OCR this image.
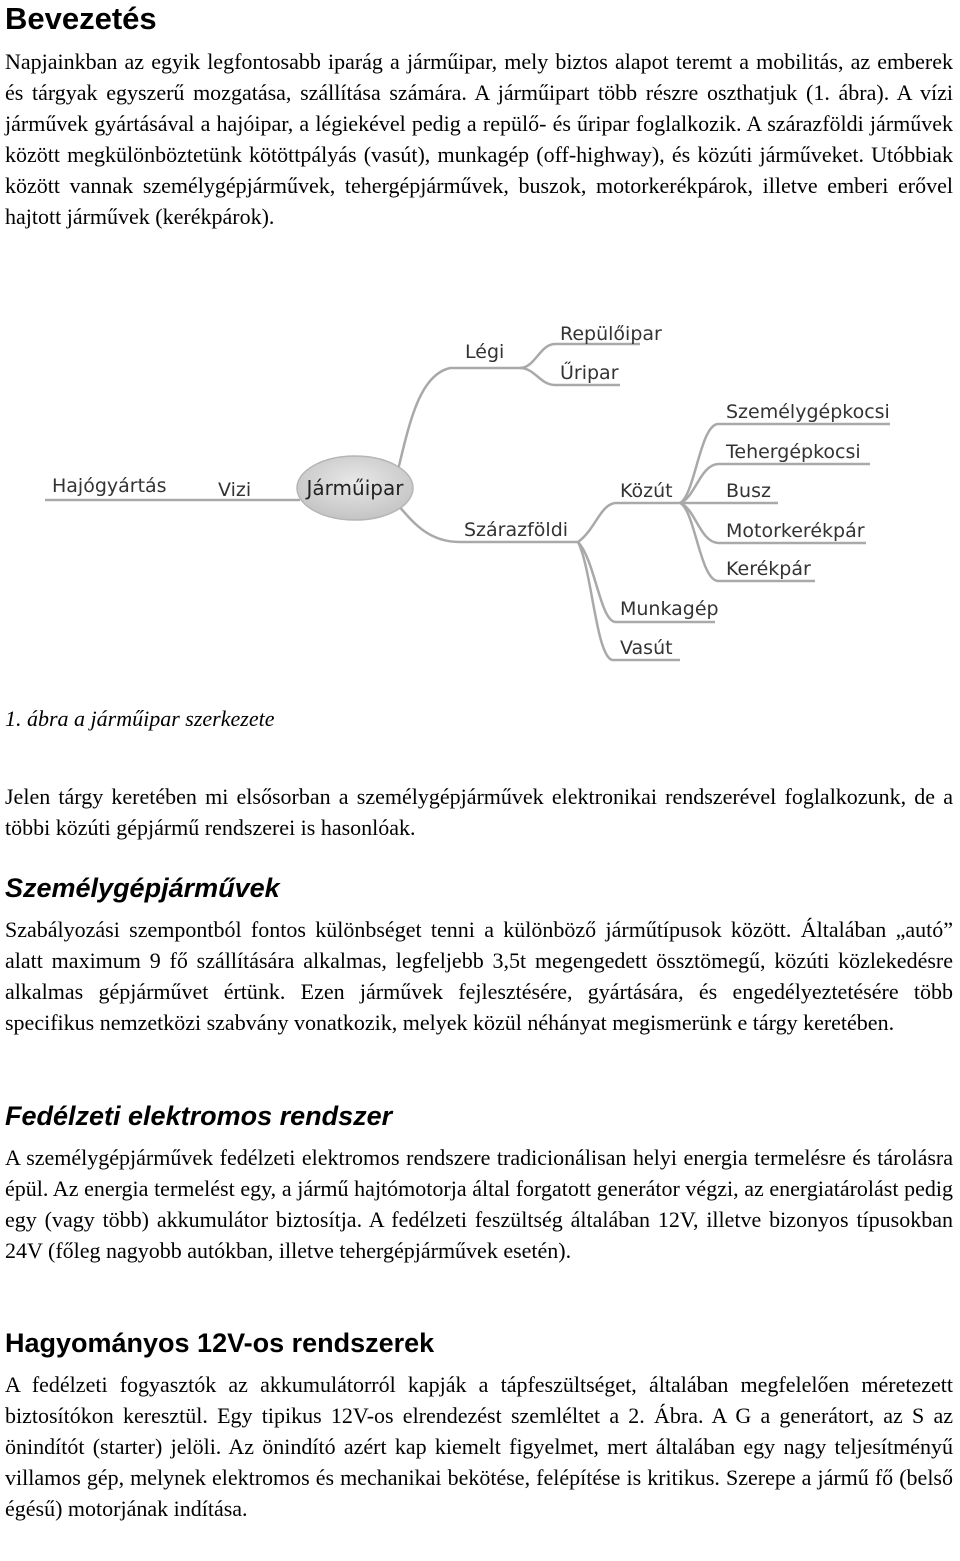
Bevezetés

Napjainkban az egyik legfontosabb iparág a járműipar, mely biztos alapot teremt a mobilitás, az emberek és tárgyak egyszerű mozgatása, szállítása számára. A járműipart több részre oszthatjuk (1. ábra). A vízi járművek gyártásával a hajóipar, a légiekével pedig a repülő- és űripar foglalkozik. A szárazföldi járművek között megkülönböztetünk kötöttpályás (vasút), munkagép (off-highway), és közúti járműveket. Utóbbiak között vannak személygépjárművek, tehergépjárművek, buszok, motorkerékpárok, illetve emberi erővel hajtott járművek (kerékpárok).

Járműipar
Hajógyártás	Vizi
Légi
Repülőipar
Űripar
Szárazföldi
Közút
Személygépkocsi
Tehergépkocsi
Busz
Motorkerékpár
Kerékpár
Munkagép
Vasút

1. ábra a járműipar szerkezete

Jelen tárgy keretében mi elsősorban a személygépjárművek elektronikai rendszerével foglalkozunk, de a többi közúti gépjármű rendszerei is hasonlóak.

Személygépjárművek

Szabályozási szempontból fontos különbséget tenni a különböző járműtípusok között. Általában „autó” alatt maximum 9 fő szállítására alkalmas, legfeljebb 3,5t megengedett össztömegű, közúti közlekedésre alkalmas gépjárművet értünk. Ezen járművek fejlesztésére, gyártására, és engedélyeztetésére több specifikus nemzetközi szabvány vonatkozik, melyek közül néhányat megismerünk e tárgy keretében.

Fedélzeti elektromos rendszer

A személygépjárművek fedélzeti elektromos rendszere tradicionálisan helyi energia termelésre és tárolásra épül. Az energia termelést egy, a jármű hajtómotorja által forgatott generátor végzi, az energiatárolást pedig egy (vagy több) akkumulátor biztosítja. A fedélzeti feszültség általában 12V, illetve bizonyos típusokban 24V (főleg nagyobb autókban, illetve tehergépjárművek esetén).

Hagyományos 12V-os rendszerek

A fedélzeti fogyasztók az akkumulátorról kapják a tápfeszültséget, általában megfelelően méretezett biztosítókon keresztül. Egy tipikus 12V-os elrendezést szemléltet a 2. Ábra. A G a generátort, az S az önindítót (starter) jelöli. Az önindító azért kap kiemelt figyelmet, mert általában egy nagy teljesítményű villamos gép, melynek elektromos és mechanikai bekötése, felépítése is kritikus. Szerepe a jármű fő (belső égésű) motorjának indítása.
